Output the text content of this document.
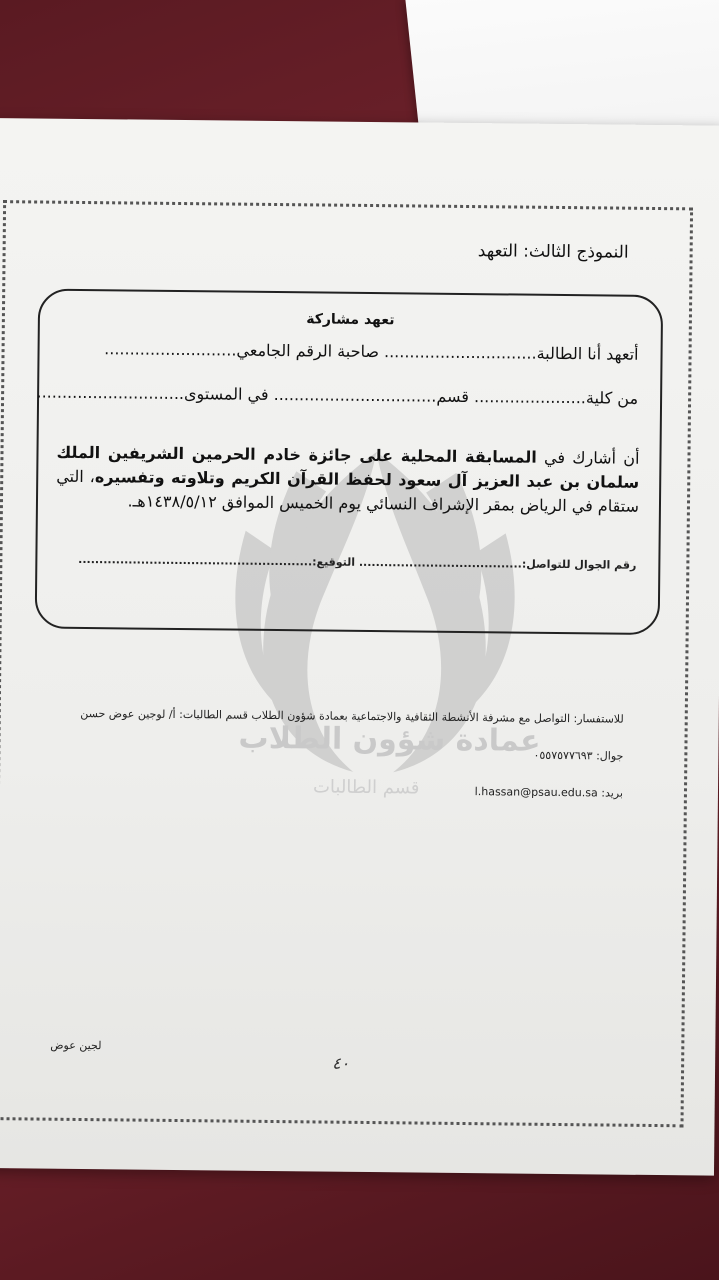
النموذج الثالث: التعهد
عمادة شؤون الطلاب
قسم الطالبات
تعهد مشاركة
أتعهد أنا الطالبة.............................. صاحبة الرقم الجامعي..........................
من كلية...................... قسم................................ في المستوى.............................
أن أشارك في المسابقة المحلية على جائزة خادم الحرمين الشريفين الملك سلمان بن عبد العزيز آل سعود لحفظ القرآن الكريم وتلاوته وتفسيره، التي ستقام في الرياض بمقر الإشراف النسائي يوم الخميس الموافق ١٤٣٨/٥/١٢هـ.
رقم الجوال للتواصل:....................................... التوقيع:........................................................
للاستفسار: التواصل مع مشرفة الأنشطة الثقافية والاجتماعية بعمادة شؤون الطلاب قسم الطالبات: أ/ لوجين عوض حسن
جوال: ٠٥٥٧٥٧٧٦٩٣
بريد: l.hassan@psau.edu.sa
لجين عوض
٤٠
